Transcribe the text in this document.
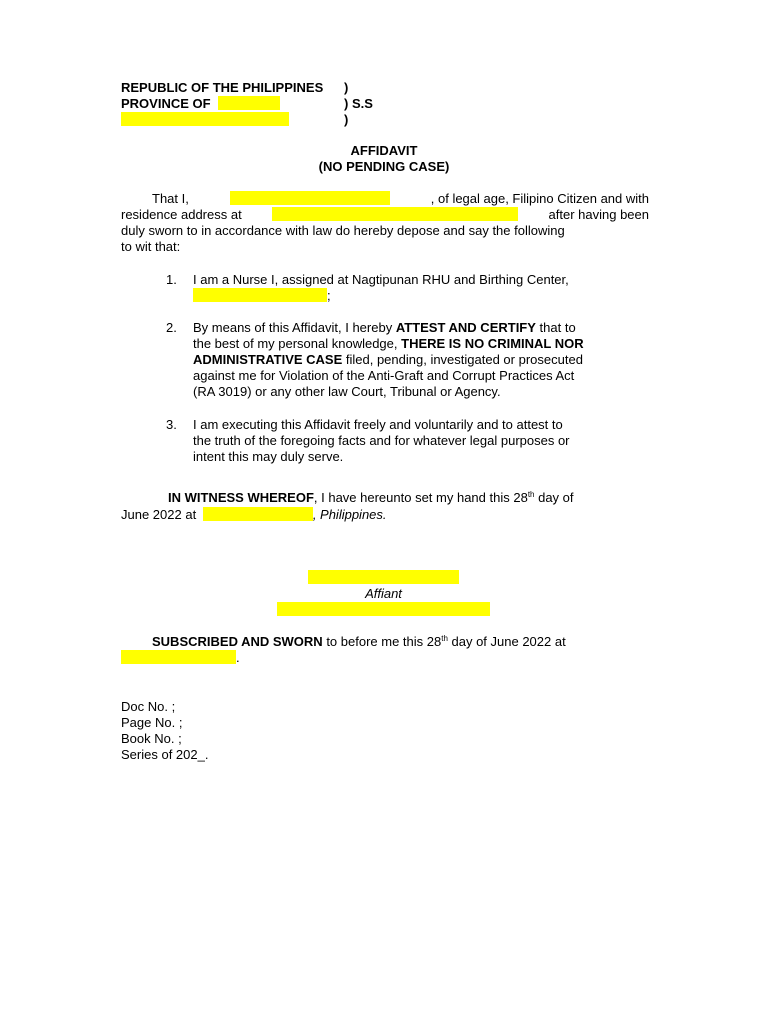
REPUBLIC OF THE PHILIPPINES )
PROVINCE OF	) S.S
)
AFFIDAVIT
(NO PENDING CASE)
That I,	, of legal age, Filipino Citizen and with
residence address at	after having been
duly sworn to in accordance with law do hereby depose and say the following
to wit that:
1. I am a Nurse I, assigned at Nagtipunan RHU and Birthing Center,
;
2. By means of this Affidavit, I hereby ATTEST AND CERTIFY that to
the best of my personal knowledge, THERE IS NO CRIMINAL NOR
ADMINISTRATIVE CASE filed, pending, investigated or prosecuted
against me for Violation of the Anti-Graft and Corrupt Practices Act
(RA 3019) or any other law Court, Tribunal or Agency.
3. I am executing this Affidavit freely and voluntarily and to attest to
the truth of the foregoing facts and for whatever legal purposes or
intent this may duly serve.
IN WITNESS WHEREOF, I have hereunto set my hand this 28th day of
June 2022 at	, Philippines.
Affiant
SUBSCRIBED AND SWORN to before me this 28th day of June 2022 at
.
Doc No. ;
Page No. ;
Book No. ;
Series of 202_.
